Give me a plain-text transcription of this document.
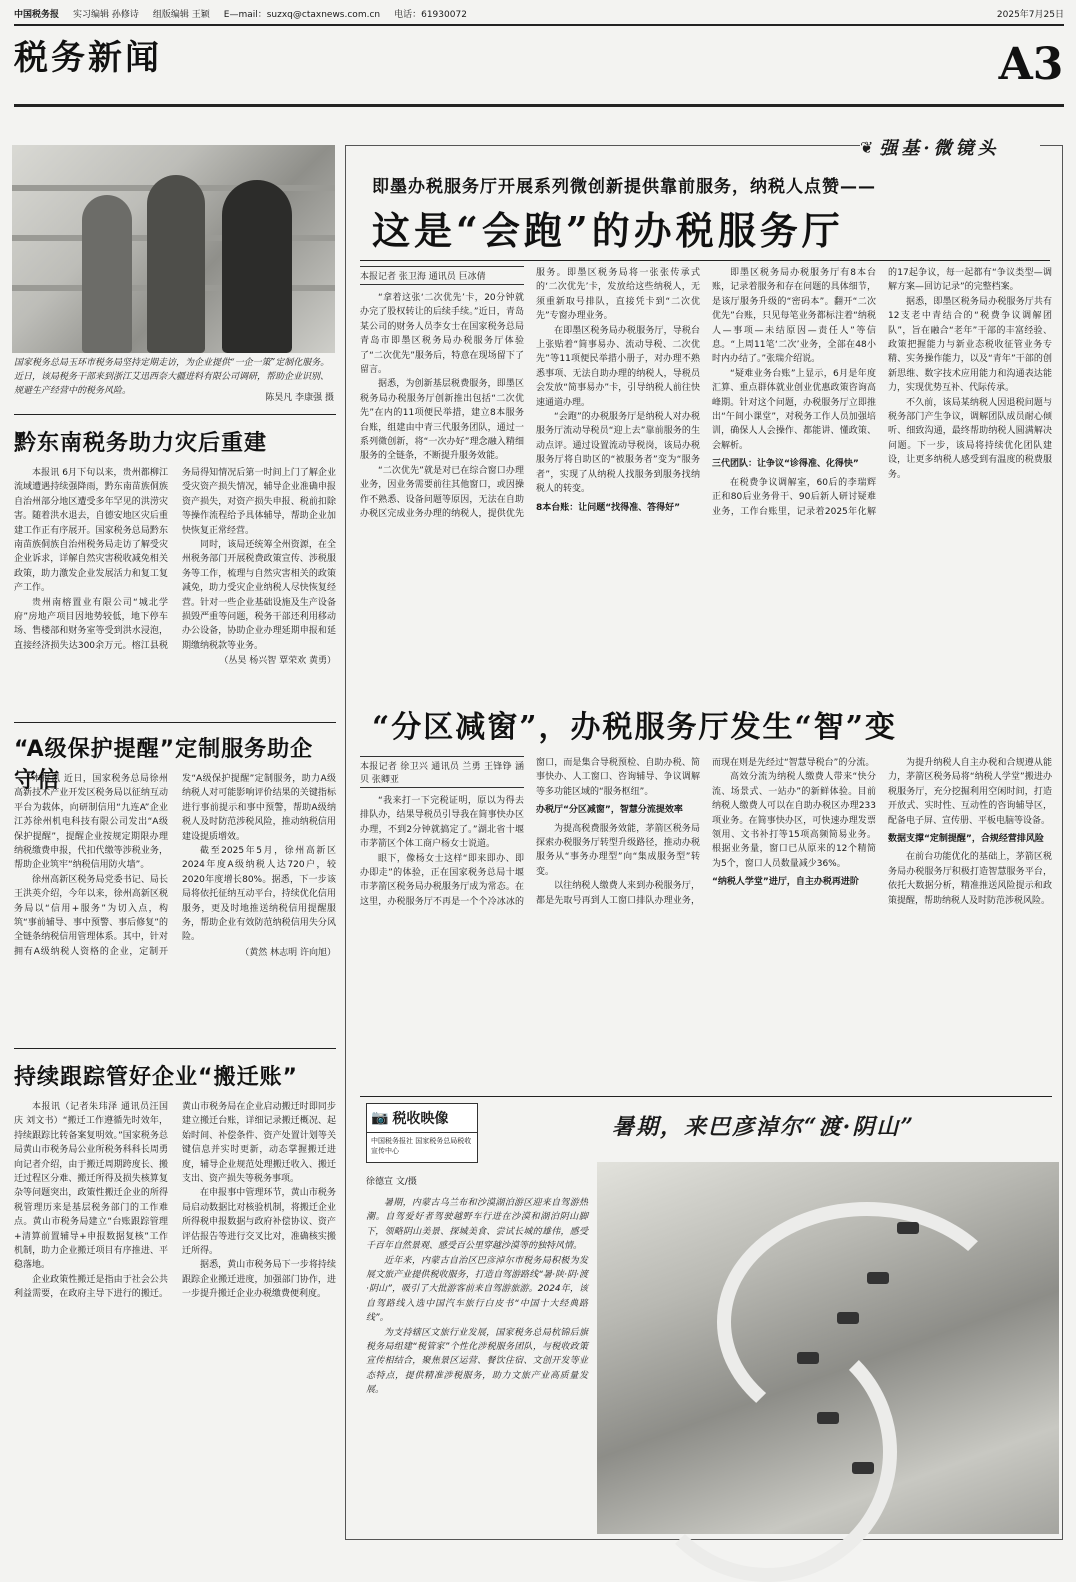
中国税务报 实习编辑 孙修诗 组版编辑 王颖 E—mail：suzxq@ctaxnews.com.cn 电话：61930072	2025年7月25日
税务新闻	A3
国家税务总局玉环市税务局坚持定期走访，为企业提供“一企一策”定制化服务。近日，该局税务干部来到浙江艾迅西奈大疆进料有限公司调研，帮助企业识别、规避生产经营中的税务风险。
陈昊凡 李康强 摄
黔东南税务助力灾后重建

本报讯 6月下旬以来，贵州都柳江流域遭遇持续强降雨，黔东南苗族侗族自治州部分地区遭受多年罕见的洪涝灾害。随着洪水退去，自德安地区灾后重建工作正有序展开。国家税务总局黔东南苗族侗族自治州税务局走访了解受灾企业诉求，详解自然灾害税收减免相关政策，助力激发企业发展活力和复工复产工作。

贵州南榕置业有限公司“城北学府”房地产项目因地势较低，地下停车场、售楼部和财务室等受到洪水浸泡，直接经济损失达300余万元。榕江县税务局得知情况后第一时间上门了解企业受灾资产损失情况，辅导企业准确申报资产损失，对资产损失申报、税前扣除等操作流程给予具体辅导，帮助企业加快恢复正常经营。

同时，该局还统筹全州资源，在全州税务部门开展税费政策宣传、涉税服务等工作，梳理与自然灾害相关的政策减免，助力受灾企业纳税人尽快恢复经营。针对一些企业基础设施及生产设备损毁严重等问题，税务干部还利用移动办公设备，协助企业办理延期申报和延期缴纳税款等业务。

（丛昊 杨兴智 覃荣欢 黄勇）

“A级保护提醒”定制服务助企守信

本报讯 近日，国家税务总局徐州高新技术产业开发区税务局以征纳互动平台为载体，向研制信用“九连A”企业江苏徐州机电科技有限公司发出“A级保护提醒”，提醒企业按规定期限办理纳税缴费申报，代扣代缴等涉税业务，帮助企业筑牢“纳税信用防火墙”。

徐州高新区税务局党委书记、局长王洪英介绍，今年以来，徐州高新区税务局以“信用+服务”为切入点，构筑“事前辅导、事中预警、事后修复”的全链条纳税信用管理体系。其中，针对拥有A级纳税人资格的企业，定制开发“A级保护提醒”定制服务，助力A级纳税人对可能影响评价结果的关键指标进行事前提示和事中预警，帮助A级纳税人及时防范涉税风险，推动纳税信用建设提质增效。

截至2025年5月，徐州高新区2024年度A级纳税人达720户，较2020年度增长80%。据悉，下一步该局将依托征纳互动平台，持续优化信用服务，更及时地推送纳税信用提醒服务，帮助企业有效防范纳税信用失分风险。

（黄然 林志明 许向旭）

持续跟踪管好企业“搬迁账”

本报讯（记者朱玮泽 通讯员汪国庆 刘文书）“搬迁工作遵循先时效年，持续跟踪比转备案复明效。”国家税务总局黄山市税务局公业所税务科科长周勇向记者介绍，由于搬迁周期跨度长、搬迁过程区分难、搬迁所得及损失核算复杂等问题突出，政策性搬迁企业的所得税管理历来是基层税务部门的工作难点。黄山市税务局建立“台账跟踪管理+清算前置辅导+申报数据复核”工作机制，助力企业搬迁项目有序推进、平稳落地。

企业政策性搬迁是指由于社会公共利益需要，在政府主导下进行的搬迁。黄山市税务局在企业启动搬迁时即同步建立搬迁台账，详细记录搬迁概况、起始时间、补偿条件、资产处置计划等关键信息并实时更新，动态掌握搬迁进度，辅导企业规范处理搬迁收入、搬迁支出、资产损失等税务事项。

在申报事中管理环节，黄山市税务局启动数据比对核验机制，将搬迁企业所得税申报数据与政府补偿协议、资产评估报告等进行交叉比对，准确核实搬迁所得。

据悉，黄山市税务局下一步将持续跟踪企业搬迁进度，加强部门协作，进一步提升搬迁企业办税缴费便利度。

❦ 强基·微镜头
即墨办税服务厅开展系列微创新提供靠前服务，纳税人点赞——
这是“会跑”的办税服务厅
本报记者 张卫海 通讯员 巨冰倩

“拿着这张‘二次优先’卡，20分钟就办完了股权转让的后续手续。”近日，青岛某公司的财务人员李女士在国家税务总局青岛市即墨区税务局办税服务厅体验了“二次优先”服务后，特意在现场留下了留言。

据悉，为创新基层税费服务，即墨区税务局办税服务厅创新推出包括“二次优先”在内的11项便民举措，建立8本服务台账，组建由中青三代服务团队，通过一系列微创新，将“一次办好”理念融入精细服务的全链条，不断提升服务效能。

“二次优先”就是对已在综合窗口办理业务，因业务需要前往其他窗口，或因操作不熟悉、设备问题等原因，无法在自助办税区完成业务办理的纳税人，提供优先服务。即墨区税务局将一张张传承式的‘二次优先’卡，发放给这些纳税人，无须重新取号排队，直接凭卡到“二次优先”专窗办理业务。

在即墨区税务局办税服务厅，导税台上张贴着“简事易办、流动导税、二次优先”等11项便民举措小册子，对办理不熟悉事项、无法自助办理的纳税人，导税员会发放“简事易办”卡，引导纳税人前往快速通道办理。

“会跑”的办税服务厅是纳税人对办税服务厅流动导税员“迎上去”靠前服务的生动点评。通过设置流动导税岗，该局办税服务厅将自助区的“被服务者”变为“服务者”，实现了从纳税人找服务到服务找纳税人的转变。

8本台账：让问题“找得准、答得好”

即墨区税务局办税服务厅有8本台账，记录着服务和存在问题的具体细节，是该厅服务升级的“密码本”。翻开“二次优先”台账，只见每笔业务都标注着“纳税人—事项—未结原因—责任人”等信息。“上周11笔‘二次’业务，全部在48小时内办结了。”张瑞介绍说。

“疑难业务台账”上显示，6月是年度汇算、重点群体就业创业优惠政策咨询高峰期。针对这个问题，办税服务厅立即推出“午间小课堂”，对税务工作人员加强培训，确保人人会操作、都能讲、懂政策、会解析。

三代团队：让争议“诊得准、化得快”

在税费争议调解室，60后的李瑞辉正和80后业务骨干、90后新人研讨疑难业务，工作台账里，记录着2025年化解的17起争议，每一起都有“争议类型—调解方案—回访记录”的完整档案。

据悉，即墨区税务局办税服务厅共有12支老中青结合的“税费争议调解团队”，旨在融合“老年”干部的丰富经验、政策把握能力与新业态税收征管业务专精、实务操作能力，以及“青年”干部的创新思维、数字技术应用能力和沟通表达能力，实现优势互补、代际传承。

不久前，该局某纳税人因退税问题与税务部门产生争议，调解团队成员耐心倾听、细致沟通，最终帮助纳税人圆满解决问题。下一步，该局将持续优化团队建设，让更多纳税人感受到有温度的税费服务。

“分区减窗”，办税服务厅发生“智”变
本报记者 徐卫兴 通讯员 兰勇 王锋铮 涵贝 张卿亚

“我来打一下完税证明，原以为得去排队办，结果导税员引导我在简事快办区办理，不到2分钟就搞定了。”湖北省十堰市茅箭区个体工商户杨女士说道。

眼下，像杨女士这样“即来即办、即办即走”的体验，正在国家税务总局十堰市茅箭区税务局办税服务厅成为常态。在这里，办税服务厅不再是一个个冷冰冰的窗口，而是集合导税预检、自助办税、简事快办、人工窗口、咨询辅导、争议调解等多功能区域的“服务枢纽”。

办税厅“分区减窗”，智慧分流提效率

为提高税费服务效能，茅箭区税务局探索办税服务厅转型升级路径，推动办税服务从“事务办理型”向“集成服务型”转变。

以往纳税人缴费人来到办税服务厅，都是先取号再到人工窗口排队办理业务，而现在则是先经过“智慧导税台”的分流。

高效分流为纳税人缴费人带来“快分流、场景式、一站办”的新鲜体验。目前纳税人缴费人可以在自助办税区办理233项业务。在简事快办区，可快速办理发票领用、文书补打等15项高频简易业务。根据业务量，窗口已从原来的12个精简为5个，窗口人员数量减少36%。

“纳税人学堂”进厅，自主办税再进阶

为提升纳税人自主办税和合规遵从能力，茅箭区税务局将“纳税人学堂”搬进办税服务厅，充分挖掘利用空闲时间，打造开放式、实时性、互动性的咨询辅导区，配备电子屏、宣传册、平板电脑等设备。

数据支撑“定制提醒”，合规经营排风险

在前台功能优化的基础上，茅箭区税务局办税服务厅积极打造智慧服务平台，依托大数据分析，精准推送风险提示和政策提醒，帮助纳税人及时防范涉税风险。

📷 税收映像
中国税务报社 国家税务总局税收宣传中心
暑期，来巴彦淖尔“渡·阴山”
徐德宣 文/摄

暑期，内蒙古乌兰布和沙漠湖泊游区迎来自驾游热潮。自驾爱好者驾驶越野车行进在沙漠和湖泊阴山脚下，领略阴山美景、探城美食、尝试长城的雄伟，感受千百年自然景观、感受百公里穿越沙漠等的独特风情。

近年来，内蒙古自治区巴彦淖尔市税务局积极为发展文旅产业提供税收服务，打造自驾游路线“暑·陕·阴·渡·阴山”，吸引了大批游客前来自驾游旅游。2024年，该自驾路线入选中国汽车旅行白皮书“中国十大经典路线”。

为支持辖区文旅行业发展，国家税务总局杭锦后旗税务局组建“税管家”个性化涉税服务团队，与税收政策宣传相结合，聚焦景区运营、餐饮住宿、文创开发等业态特点，提供精准涉税服务，助力文旅产业高质量发展。
